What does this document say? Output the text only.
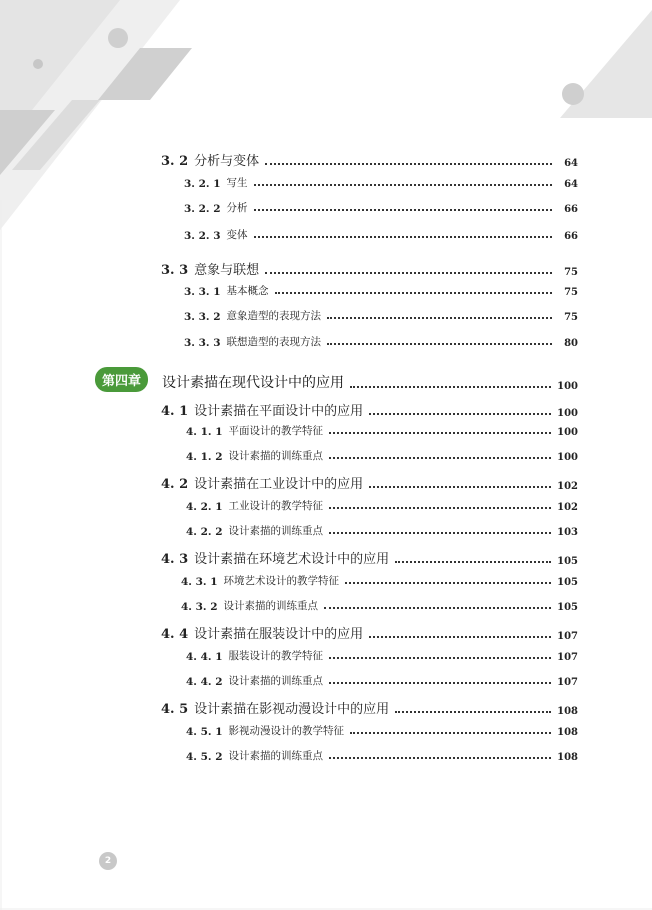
3. 2 分析与变体	64
3. 2. 1 写生	64
3. 2. 2 分析	66
3. 2. 3 变体	66
3. 3 意象与联想	75
3. 3. 1 基本概念	75
3. 3. 2 意象造型的表现方法	75
3. 3. 3 联想造型的表现方法	80
第四章	设计素描在现代设计中的应用	100
4. 1 设计素描在平面设计中的应用	100
4. 1. 1 平面设计的教学特征	100
4. 1. 2 设计素描的训练重点	100
4. 2 设计素描在工业设计中的应用	102
4. 2. 1 工业设计的教学特征	102
4. 2. 2 设计素描的训练重点	103
4. 3 设计素描在环境艺术设计中的应用	105
4. 3. 1 环境艺术设计的教学特征	105
4. 3. 2 设计素描的训练重点	105
4. 4 设计素描在服装设计中的应用	107
4. 4. 1 服装设计的教学特征	107
4. 4. 2 设计素描的训练重点	107
4. 5 设计素描在影视动漫设计中的应用	108
4. 5. 1 影视动漫设计的教学特征	108
4. 5. 2 设计素描的训练重点	108
2
